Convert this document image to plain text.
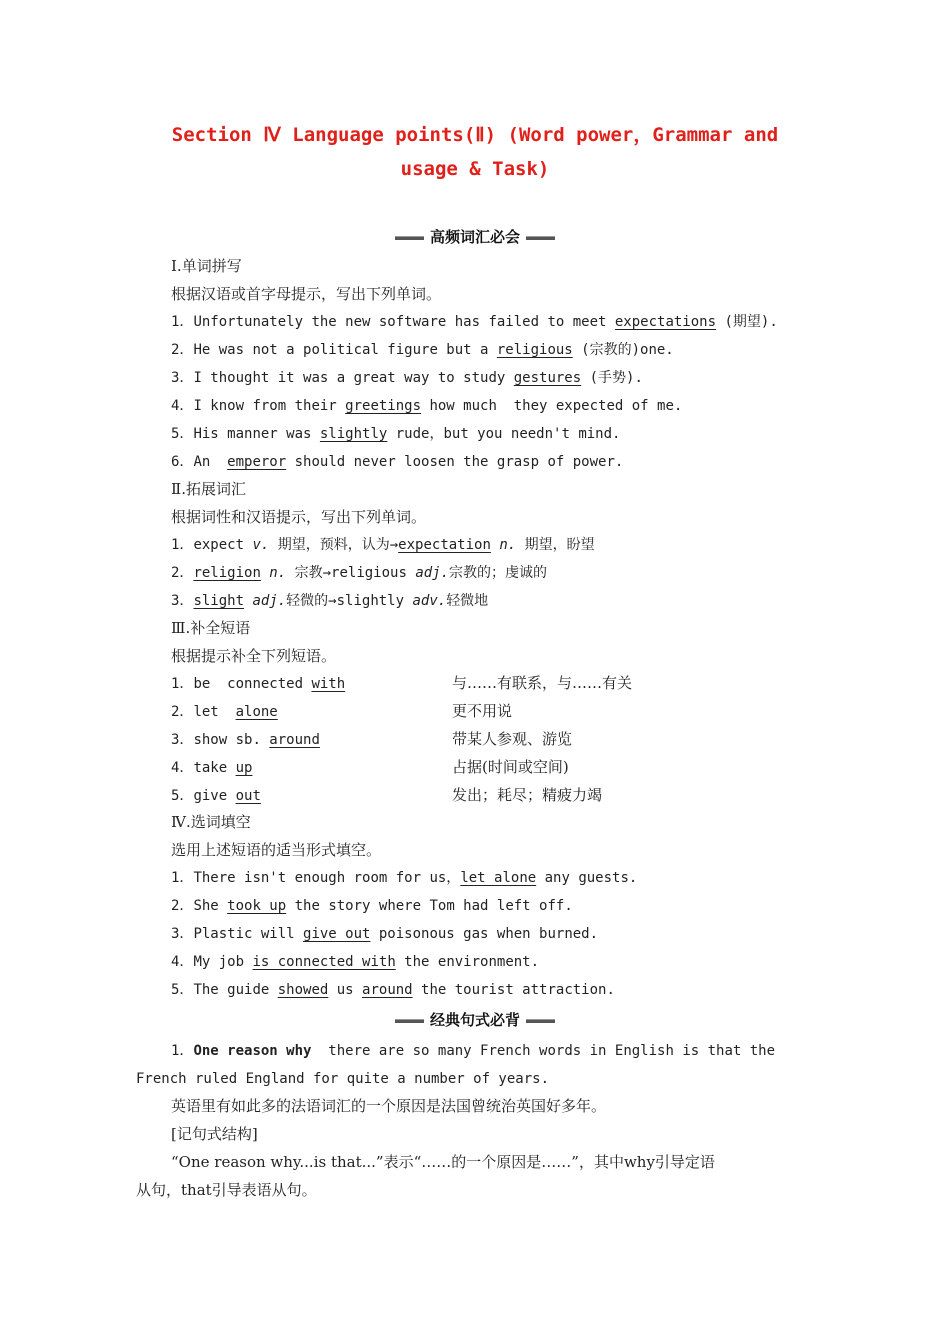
Section Ⅳ Language points(Ⅱ) (Word power，Grammar and
usage & Task)
高频词汇必会
Ⅰ.单词拼写
根据汉语或首字母提示，写出下列单词。
1．Unfortunately the new software has failed to meet expectations (期望).
2．He was not a political figure but a religious (宗教的)one.
3．I thought it was a great way to study gestures (手势).
4．I know from their greetings how much  they expected of me.
5．His manner was slightly rude，but you needn't mind.
6．An  emperor should never loosen the grasp of power.
Ⅱ.拓展词汇
根据词性和汉语提示，写出下列单词。
1．expect v. 期望，预料，认为→expectation n. 期望，盼望
2．religion n. 宗教→religious adj.宗教的；虔诚的
3．slight adj.轻微的→slightly adv.轻微地
Ⅲ.补全短语
根据提示补全下列短语。
1．be  connected with	与……有联系，与……有关
2．let  alone	更不用说
3．show sb. around	带某人参观、游览
4．take up	占据(时间或空间)
5．give out	发出；耗尽；精疲力竭
Ⅳ.选词填空
选用上述短语的适当形式填空。
1．There isn't enough room for us，let alone any guests.
2．She took up the story where Tom had left off.
3．Plastic will give out poisonous gas when burned.
4．My job is connected with the environment.
5．The guide showed us around the tourist attraction.
经典句式必背
1．One reason why  there are so many French words in English is that the
French ruled England for quite a number of years.
英语里有如此多的法语词汇的一个原因是法国曾统治英国好多年。
[记句式结构]
“One reason why...is that...”表示“……的一个原因是……”，其中why引导定语
从句，that引导表语从句。
